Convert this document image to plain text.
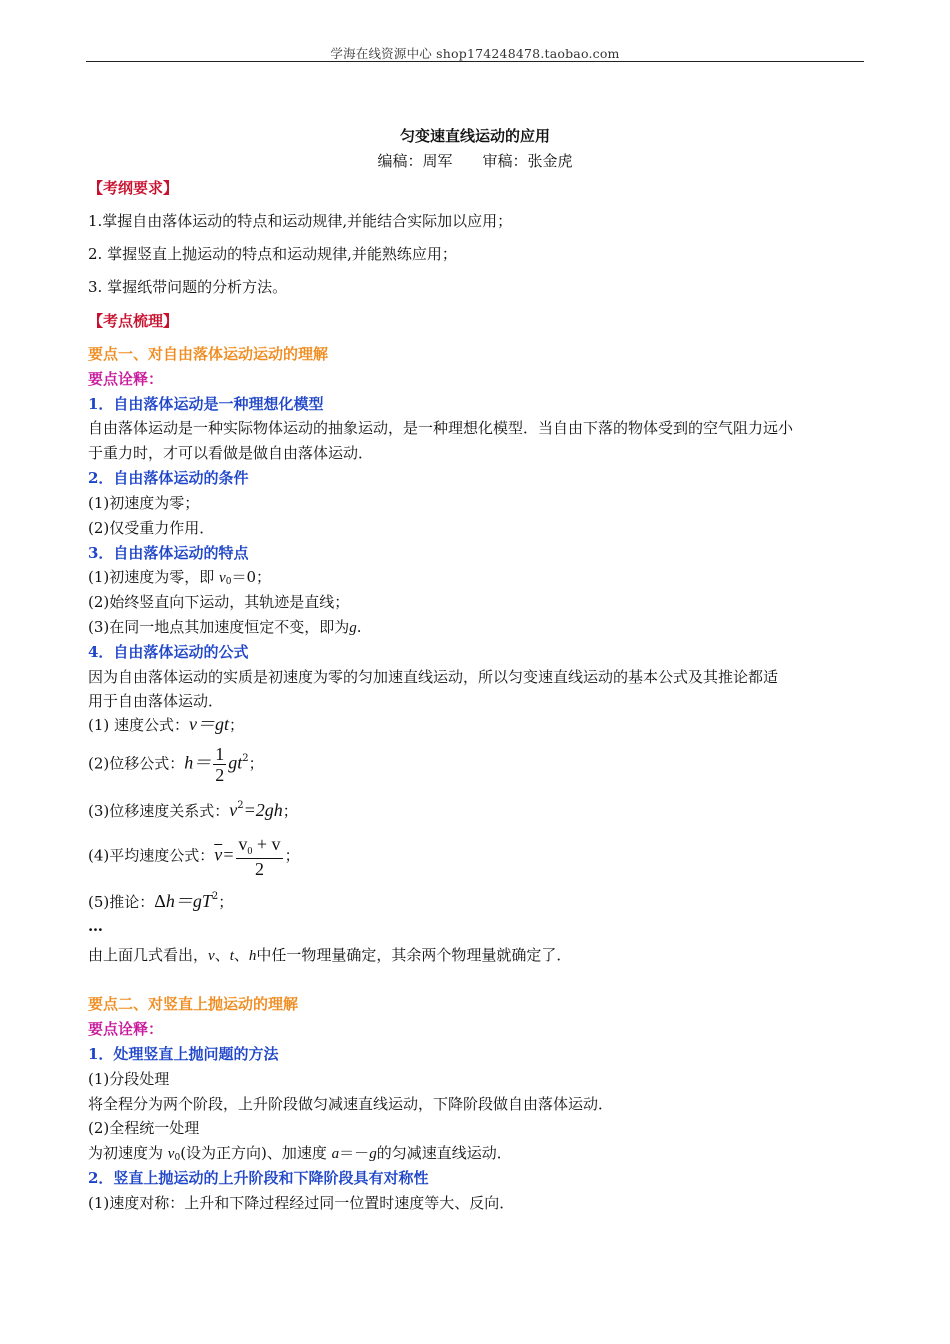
学海在线资源中心 shop174248478.taobao.com
匀变速直线运动的应用
编稿：周军　　审稿：张金虎
【考纲要求】
1.掌握自由落体运动的特点和运动规律,并能结合实际加以应用；
2. 掌握竖直上抛运动的特点和运动规律,并能熟练应用；
3. 掌握纸带问题的分析方法。
【考点梳理】
要点一、对自由落体运动运动的理解
要点诠释：
1．自由落体运动是一种理想化模型
自由落体运动是一种实际物体运动的抽象运动，是一种理想化模型．当自由下落的物体受到的空气阻力远小
于重力时，才可以看做是做自由落体运动．
2．自由落体运动的条件
(1)初速度为零；
(2)仅受重力作用．
3．自由落体运动的特点
(1)初速度为零，即 v0＝0；
(2)始终竖直向下运动，其轨迹是直线；
(3)在同一地点其加速度恒定不变，即为g.
4．自由落体运动的公式
因为自由落体运动的实质是初速度为零的匀加速直线运动，所以匀变速直线运动的基本公式及其推论都适
用于自由落体运动．
(1) 速度公式：v＝gt；
(2)位移公式：$h= \frac{1}{2} gt^2$；
(3)位移速度关系式：$v^2=2gh$；
(4)平均速度公式：$\overline{v}= \frac{v_0 + v}{2}$ ；
(5)推论：$\Delta h=gT^2$；
…
由上面几式看出，v、t、h中任一物理量确定，其余两个物理量就确定了．
要点二、对竖直上抛运动的理解
要点诠释：
1．处理竖直上抛问题的方法
(1)分段处理
将全程分为两个阶段，上升阶段做匀减速直线运动，下降阶段做自由落体运动．
(2)全程统一处理
为初速度为 v0(设为正方向)、加速度 a＝－g的匀减速直线运动．
2．竖直上抛运动的上升阶段和下降阶段具有对称性
(1)速度对称：上升和下降过程经过同一位置时速度等大、反向．
